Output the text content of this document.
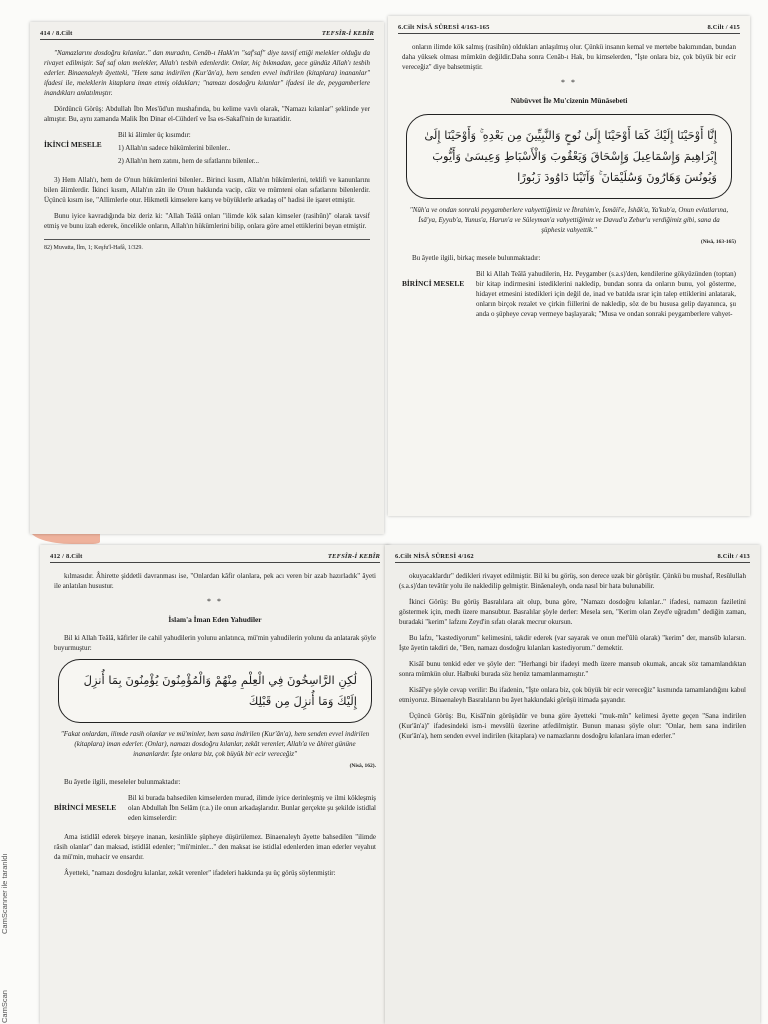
CamScanner ile taranldı
CamScan
414 / 8.Cilt	TEFSÎR-İ KEBÎR

"Namazlarını dosdoğru kılanlar.." dan muradın, Cenâb-ı Hakk'ın "saf'saf" diye tavsif ettiği melekler olduğu da rivayet edilmiştir. Saf saf olan melekler, Allah'ı tesbih edenlerdir. Onlar, hiç bıkmadan, gece gündüz Allah'ı tesbih ederler. Binaenaleyh âyetteki, "Hem sana indirilen (Kur'ân'a), hem senden evvel indirilen (kitaplara) inananlar" ifadesi ile, meleklerin kitaplara iman etmiş oldukları; "namazı dosdoğru kılanlar" ifadesi ile de, peygamberlere inandıkları anlatılmıştır.

Dördüncü Görüş: Abdullah İbn Mes'ûd'un mushafında, bu kelime vavlı olarak, "Namazı kılanlar" şeklinde yer almıştır. Bu, aynı zamanda Malik İbn Dinar el-Cühderî ve İsa es-Sakafî'nin de kıraatidir.

İKİNCİ MESELE

Bil ki âlimler üç kısımdır:

1) Allah'ın sadece hükümlerini bilenler..

2) Allah'ın hem zatını, hem de sıfatlarını bilenler...

3) Hem Allah'ı, hem de O'nun hükümlerini bilenler.. Birinci kısım, Allah'ın hükümlerini, teklifi ve kanunlarını bilen âlimlerdir. İkinci kısım, Allah'ın zâtı ile O'nun hakkında vacip, câiz ve mümteni olan sıfatlarını bilenlerdir. Üçüncü kısım ise, "Allimlerle otur. Hikmetli kimselere karış ve büyüklerle arkadaş ol" hadisi ile işaret etmiştir.

Bunu iyice kavradığında biz deriz ki: "Allah Teâlâ onları "ilimde kök salan kimseler (rasihûn)" olarak tavsif etmiş ve bunu izah ederek, öncelikle onların, Allah'ın hükümlerini bilip, onlara göre amel ettiklerini beyan etmiştir.

82) Muvatta, İlm, 1; Keşfu'l-Hafâ, 1/329.
6.Cilt NİSÂ SÛRESİ 4/163-165	8.Cilt / 415

onların ilimde kök salmış (rasihûn) oldukları anlaşılmış olur. Çünkü insanın kemal ve mertebe bakımından, bundan daha yüksek olması mümkün değildir.Daha sonra Cenâb-ı Hak, bu kimselerden, "İşte onlara biz, çok büyük bir ecir vereceğiz" diye bahsetmiştir.

* *
Nübüvvet İle Mu'cizenin Münâsebeti
إِنَّا أَوْحَيْنَا إِلَيْكَ كَمَا أَوْحَيْنَا إِلَىٰ نُوحٍ وَالنَّبِيِّينَ مِن بَعْدِهِ ۚ وَأَوْحَيْنَا إِلَىٰ إِبْرَاهِيمَ وَإِسْمَاعِيلَ وَإِسْحَاقَ وَيَعْقُوبَ وَالْأَسْبَاطِ وَعِيسَىٰ وَأَيُّوبَ وَيُونُسَ وَهَارُونَ وَسُلَيْمَانَ ۚ وَآتَيْنَا دَاوُودَ زَبُورًا
"Nûh'a ve ondan sonraki peygamberlere vahyettiğimiz ve İbrahim'e, İsmâil'e, İshâk'a, Ya'kub'a, Onun evlatlarına, İsâ'ya, Eyyub'a, Yunus'a, Harun'a ve Süleyman'a vahyettiğimiz ve Davud'a Zebur'u verdiğimiz gibi, sana da şüphesiz vahyettik."
(Nisâ, 163-165)

Bu âyetle ilgili, birkaç mesele bulunmaktadır:

BİRİNCİ MESELE

Bil ki Allah Teâlâ yahudilerin, Hz. Peygamber (s.a.s)'den, kendilerine gökyüzünden (toptan) bir kitap indirmesini istediklerini nakledip, bundan sonra da onların bunu, yol gösterme, hidayet etmesini istedikleri için değil de, inad ve batılda ısrar için talep ettiklerini anlatarak, onların birçok rezalet ve çirkin fiillerini de nakledip, söz de bu hususa gelip dayanınca, şu anda o şüpheye cevap vermeye başlayarak; "Musa ve ondan sonraki peygamberlere vahyet-

412 / 8.Cilt	TEFSÎR-İ KEBÎR

kılmasıdır. Âhirette şiddetli davranması ise, "Onlardan kâfir olanlara, pek acı veren bir azab hazırladık" âyeti ile anlatılan husustur.

* *
İslam'a İman Eden Yahudiler

Bil ki Allah Teâlâ, kâfirler ile cahil yahudilerin yolunu anlatınca, mü'min yahudilerin yolunu da anlatarak şöyle buyurmuştur:

لَٰكِنِ الرَّاسِخُونَ فِي الْعِلْمِ مِنْهُمْ وَالْمُؤْمِنُونَ يُؤْمِنُونَ بِمَا أُنزِلَ إِلَيْكَ وَمَا أُنزِلَ مِن قَبْلِكَ
"Fakat onlardan, ilimde rasih olanlar ve mü'minler, hem sana indirilen (Kur'ân'a), hem senden evvel indirilen (kitaplara) iman ederler. (Onlar), namazı dosdoğru kılanlar, zekât verenler, Allah'a ve âhiret gününe inananlardır. İşte onlara biz, çok büyük bir ecir vereceğiz"
(Nisâ, 162).

Bu âyetle ilgili, meseleler bulunmaktadır:

BİRİNCİ MESELE

Bil ki burada bahsedilen kimselerden murad, ilimde iyice derinleşmiş ve ilmi kökleşmiş olan Abdullah İbn Selâm (r.a.) ile onun arkadaşlarıdır. Bunlar gerçekte şu şekilde istidlal eden kimselerdir:

Ama istidlâl ederek birşeye inanan, kesinlikle şüpheye düşürülemez. Binaenaleyh âyette bahsedilen "ilimde râsih olanlar" dan maksad, istidlâl edenler; "mü'minler..." den maksat ise istidlal edenlerden iman ederler veyahut da mü'min, muhacir ve ensardır.

Âyetteki, "namazı dosdoğru kılanlar, zekât verenler" ifadeleri hakkında şu üç görüş söylenmiştir:

6.Cilt NİSÂ SÛRESİ 4/162	8.Cilt / 413

okuyacaklardır" dedikleri rivayet edilmiştir. Bil ki bu görüş, son derece uzak bir görüştür. Çünkü bu mushaf, Resûlullah (s.a.s)'dan tevâtür yolu ile nakledilip gelmiştir. Binâenaleyh, onda nasıl bir hata bulunabilir.

İkinci Görüş: Bu görüş Basralılara ait olup, buna göre, "Namazı dosdoğru kılanlar.." ifadesi, namazın faziletini göstermek için, medh üzere mansubtur. Basralılar şöyle derler: Mesela sen, "Kerim olan Zeyd'e uğradım" dediğin zaman, buradaki "kerim" lafzını Zeyd'in sıfatı olarak mecrur okursun.

Bu lafzı, "kastediyorum" kelimesini, takdir ederek (var sayarak ve onun mef'ûlü olarak) "kerim" der, mansûb kılarsın. İşte âyetin takdiri de, "Ben, namazı dosdoğru kılanları kastediyorum." demektir.

Kisâî bunu tenkid eder ve şöyle der: "Herhangi bir ifadeyi medh üzere mansub okumak, ancak söz tamamlandıktan sonra mümkün olur. Halbuki burada söz henüz tamamlanmamıştır."

Kisâî'ye şöyle cevap verilir: Bu ifadenin, "İşte onlara biz, çok büyük bir ecir vereceğiz" kısmında tamamlandığını kabul etmiyoruz. Binaenaleyh Basralıların bu âyet hakkındaki görüşü itimada şayandır.

Üçüncü Görüş: Bu, Kisâî'nin görüşüdür ve buna göre âyetteki "muk-mîn" kelimesi âyette geçen "Sana indirilen (Kur'ân'a)" ifadesindeki ism-i mevsûlü üzerine atfedilmiştir. Bunun manası şöyle olur: "Onlar, hem sana indirilen (Kur'ân'a), hem senden evvel indirilen (kitaplara) ve namazlarını dosdoğru kılanlara iman ederler."
